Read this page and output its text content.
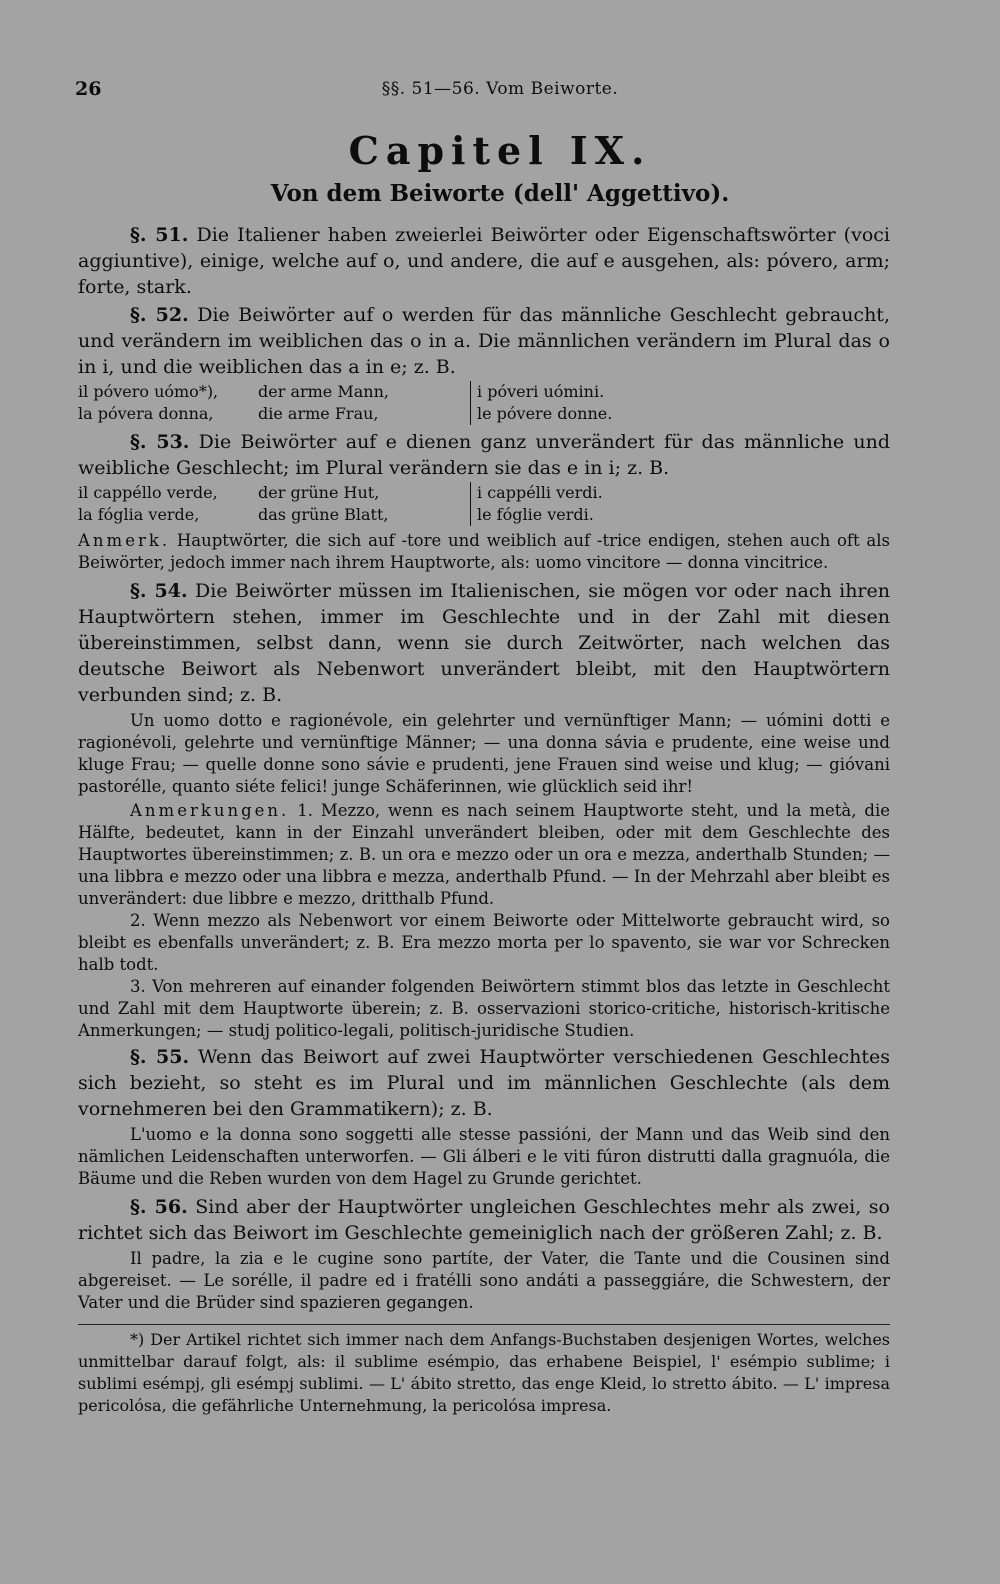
26	§§. 51—56. Vom Beiworte.
Capitel IX.
Von dem Beiworte (dell' Aggettivo).

§. 51. Die Italiener haben zweierlei Beiwörter oder Eigenschaftswörter (voci aggiuntive), einige, welche auf o, und andere, die auf e ausgehen, als: póvero, arm; forte, stark.

§. 52. Die Beiwörter auf o werden für das männliche Geschlecht gebraucht, und verändern im weiblichen das o in a. Die männlichen verändern im Plural das o in i, und die weiblichen das a in e; z. B.

il póvero uómo*),	der arme Mann,	i póveri uómini.
la póvera donna,	die arme Frau,	le póvere donne.

§. 53. Die Beiwörter auf e dienen ganz unverändert für das männliche und weibliche Geschlecht; im Plural verändern sie das e in i; z. B.

il cappéllo verde,	der grüne Hut,	i cappélli verdi.
la fóglia verde,	das grüne Blatt,	le fóglie verdi.

Anmerk. Hauptwörter, die sich auf -tore und weiblich auf -trice endigen, stehen auch oft als Beiwörter, jedoch immer nach ihrem Hauptworte, als: uomo vincitore — donna vincitrice.

§. 54. Die Beiwörter müssen im Italienischen, sie mögen vor oder nach ihren Hauptwörtern stehen, immer im Geschlechte und in der Zahl mit diesen übereinstimmen, selbst dann, wenn sie durch Zeitwörter, nach welchen das deutsche Beiwort als Nebenwort unverändert bleibt, mit den Hauptwörtern verbunden sind; z. B.

Un uomo dotto e ragionévole, ein gelehrter und vernünftiger Mann; — uómini dotti e ragionévoli, gelehrte und vernünftige Männer; — una donna sávia e prudente, eine weise und kluge Frau; — quelle donne sono sávie e prudenti, jene Frauen sind weise und klug; — gióvani pastorélle, quanto siéte felici! junge Schäferinnen, wie glücklich seid ihr!

Anmerkungen. 1. Mezzo, wenn es nach seinem Hauptworte steht, und la metà, die Hälfte, bedeutet, kann in der Einzahl unverändert bleiben, oder mit dem Geschlechte des Hauptwortes übereinstimmen; z. B. un ora e mezzo oder un ora e mezza, anderthalb Stunden; — una libbra e mezzo oder una libbra e mezza, anderthalb Pfund. — In der Mehrzahl aber bleibt es unverändert: due libbre e mezzo, dritthalb Pfund.

2. Wenn mezzo als Nebenwort vor einem Beiworte oder Mittelworte gebraucht wird, so bleibt es ebenfalls unverändert; z. B. Era mezzo morta per lo spavento, sie war vor Schrecken halb todt.

3. Von mehreren auf einander folgenden Beiwörtern stimmt blos das letzte in Geschlecht und Zahl mit dem Hauptworte überein; z. B. osservazioni storico-critiche, historisch-kritische Anmerkungen; — studj politico-legali, politisch-juridische Studien.

§. 55. Wenn das Beiwort auf zwei Hauptwörter verschiedenen Geschlechtes sich bezieht, so steht es im Plural und im männlichen Geschlechte (als dem vornehmeren bei den Grammatikern); z. B.

L'uomo e la donna sono soggetti alle stesse passióni, der Mann und das Weib sind den nämlichen Leidenschaften unterworfen. — Gli álberi e le viti fúron distrutti dalla gragnuóla, die Bäume und die Reben wurden von dem Hagel zu Grunde gerichtet.

§. 56. Sind aber der Hauptwörter ungleichen Geschlechtes mehr als zwei, so richtet sich das Beiwort im Geschlechte gemeiniglich nach der größeren Zahl; z. B.

Il padre, la zia e le cugine sono partíte, der Vater, die Tante und die Cousinen sind abgereiset. — Le sorélle, il padre ed i fratélli sono andáti a passeggiáre, die Schwestern, der Vater und die Brüder sind spazieren gegangen.

*) Der Artikel richtet sich immer nach dem Anfangs-Buchstaben desjenigen Wortes, welches unmittelbar darauf folgt, als: il sublime esémpio, das erhabene Beispiel, l' esémpio sublime; i sublimi esémpj, gli esémpj sublimi. — L' ábito stretto, das enge Kleid, lo stretto ábito. — L' impresa pericolósa, die gefährliche Unternehmung, la pericolósa impresa.
